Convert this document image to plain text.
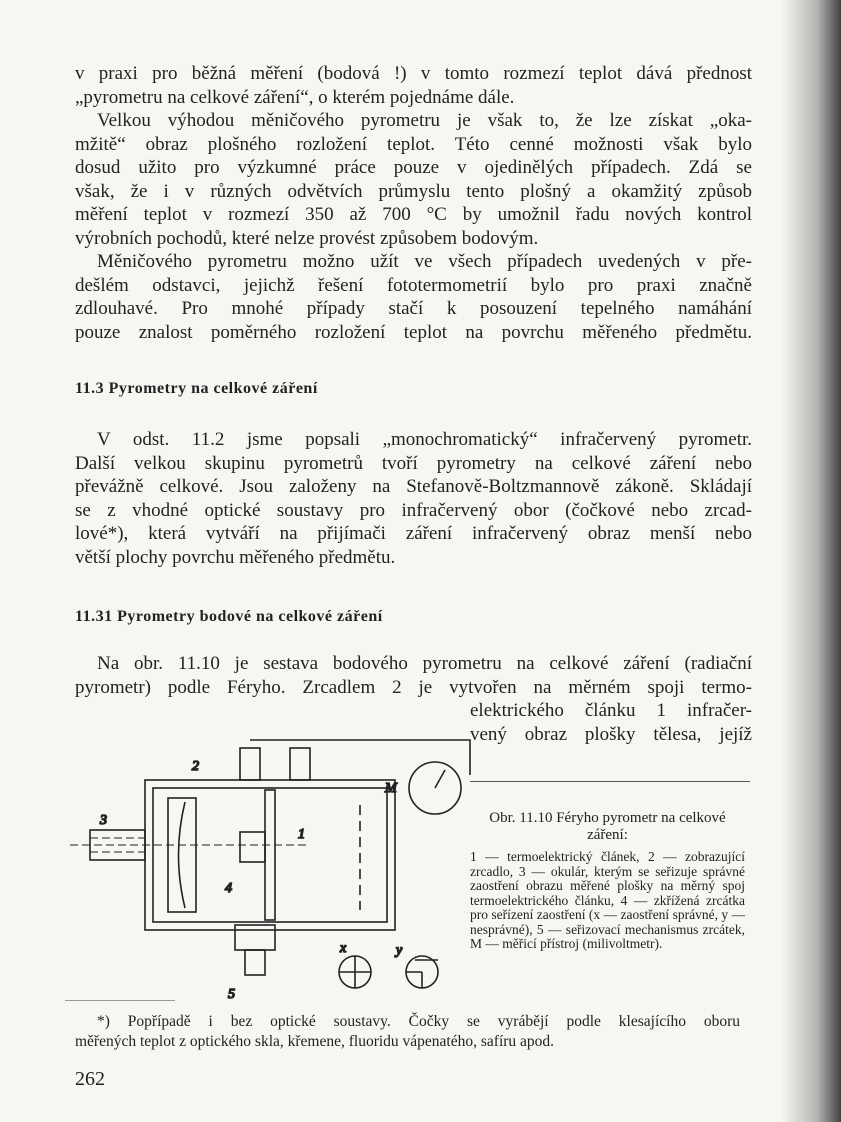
v praxi pro běžná měření (bodová !) v tomto rozmezí teplot dává přednost
„pyrometru na celkové záření“, o kterém pojednáme dále.
Velkou výhodou měničového pyrometru je však to, že lze získat „oka-
mžitě“ obraz plošného rozložení teplot. Této cenné možnosti však bylo
dosud užito pro výzkumné práce pouze v ojedinělých případech. Zdá se
však, že i v různých odvětvích průmyslu tento plošný a okamžitý způsob
měření teplot v rozmezí 350 až 700 °C by umožnil řadu nových kontrol
výrobních pochodů, které nelze provést způsobem bodovým.
Měničového pyrometru možno užít ve všech případech uvedených v pře-
dešlém odstavci, jejichž řešení fototermometrií bylo pro praxi značně
zdlouhavé. Pro mnohé případy stačí k posouzení tepelného namáhání
pouze znalost poměrného rozložení teplot na povrchu měřeného předmětu.
11.3 Pyrometry na celkové záření
V odst. 11.2 jsme popsali „monochromatický“ infračervený pyrometr.
Další velkou skupinu pyrometrů tvoří pyrometry na celkové záření nebo
převážně celkové. Jsou založeny na Stefanově-Boltzmannově zákoně. Skládají
se z vhodné optické soustavy pro infračervený obor (čočkové nebo zrcad-
lové*), která vytváří na přijímači záření infračervený obraz menší nebo
větší plochy povrchu měřeného předmětu.
11.31 Pyrometry bodové na celkové záření
Na obr. 11.10 je sestava bodového pyrometru na celkové záření (radiační
pyrometr) podle Féryho. Zrcadlem 2 je vytvořen na měrném spoji termo-
elektrického článku 1 infračer-
vený obraz plošky tělesa, jejíž
2
3
1
4
M
x	y
5
Obr. 11.10 Féryho pyrometr na celkové záření:
1 — termoelektrický článek, 2 — zobrazující zrcadlo, 3 — okulár, kterým se seřizuje správné zaostření obrazu měřené plošky na měrný spoj termoelektrického článku, 4 — zkřížená zrcátka pro seřízení zaostření (x — zaostření správné, y — nesprávné), 5 — seřizovací mechanismus zrcátek, M — měřicí přístroj (milivoltmetr).
*) Popřípadě i bez optické soustavy. Čočky se vyrábějí podle klesajícího oboru
měřených teplot z optického skla, křemene, fluoridu vápenatého, safíru apod.
262
